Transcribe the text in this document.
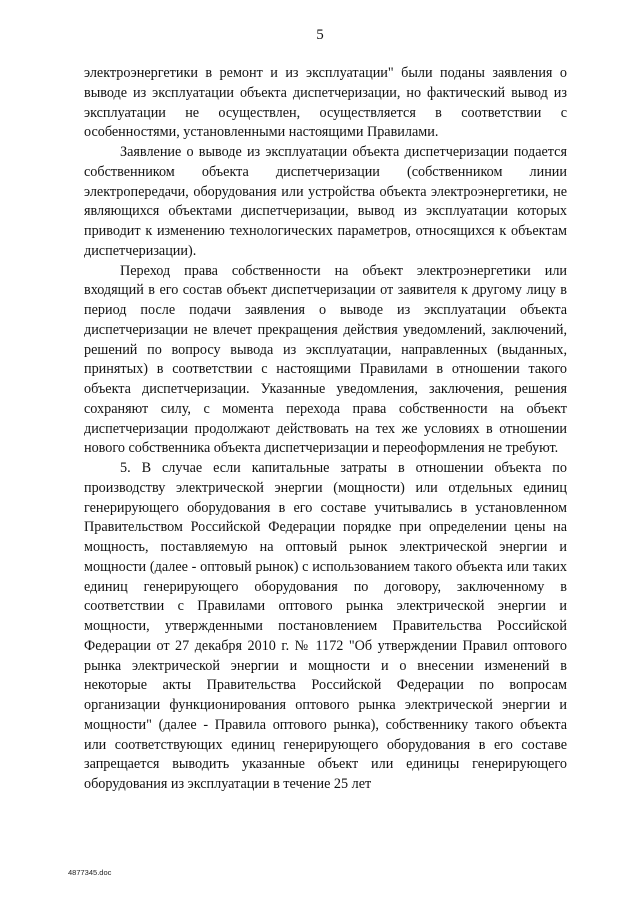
5

электроэнергетики в ремонт и из эксплуатации" были поданы заявления о выводе из эксплуатации объекта диспетчеризации, но фактический вывод из эксплуатации не осуществлен, осуществляется в соответствии с особенностями, установленными настоящими Правилами.

Заявление о выводе из эксплуатации объекта диспетчеризации подается собственником объекта диспетчеризации (собственником линии электропередачи, оборудования или устройства объекта электроэнергетики, не являющихся объектами диспетчеризации, вывод из эксплуатации которых приводит к изменению технологических параметров, относящихся к объектам диспетчеризации).

Переход права собственности на объект электроэнергетики или входящий в его состав объект диспетчеризации от заявителя к другому лицу в период после подачи заявления о выводе из эксплуатации объекта диспетчеризации не влечет прекращения действия уведомлений, заключений, решений по вопросу вывода из эксплуатации, направленных (выданных, принятых) в соответствии с настоящими Правилами в отношении такого объекта диспетчеризации. Указанные уведомления, заключения, решения сохраняют силу, с момента перехода права собственности на объект диспетчеризации продолжают действовать на тех же условиях в отношении нового собственника объекта диспетчеризации и переоформления не требуют.

5. В случае если капитальные затраты в отношении объекта по производству электрической энергии (мощности) или отдельных единиц генерирующего оборудования в его составе учитывались в установленном Правительством Российской Федерации порядке при определении цены на мощность, поставляемую на оптовый рынок электрической энергии и мощности (далее - оптовый рынок) с использованием такого объекта или таких единиц генерирующего оборудования по договору, заключенному в соответствии с Правилами оптового рынка электрической энергии и мощности, утвержденными постановлением Правительства Российской Федерации от 27 декабря 2010 г. № 1172 "Об утверждении Правил оптового рынка электрической энергии и мощности и о внесении изменений в некоторые акты Правительства Российской Федерации по вопросам организации функционирования оптового рынка электрической энергии и мощности" (далее - Правила оптового рынка), собственнику такого объекта или соответствующих единиц генерирующего оборудования в его составе запрещается выводить указанные объект или единицы генерирующего оборудования из эксплуатации в течение 25 лет

4877345.doc
